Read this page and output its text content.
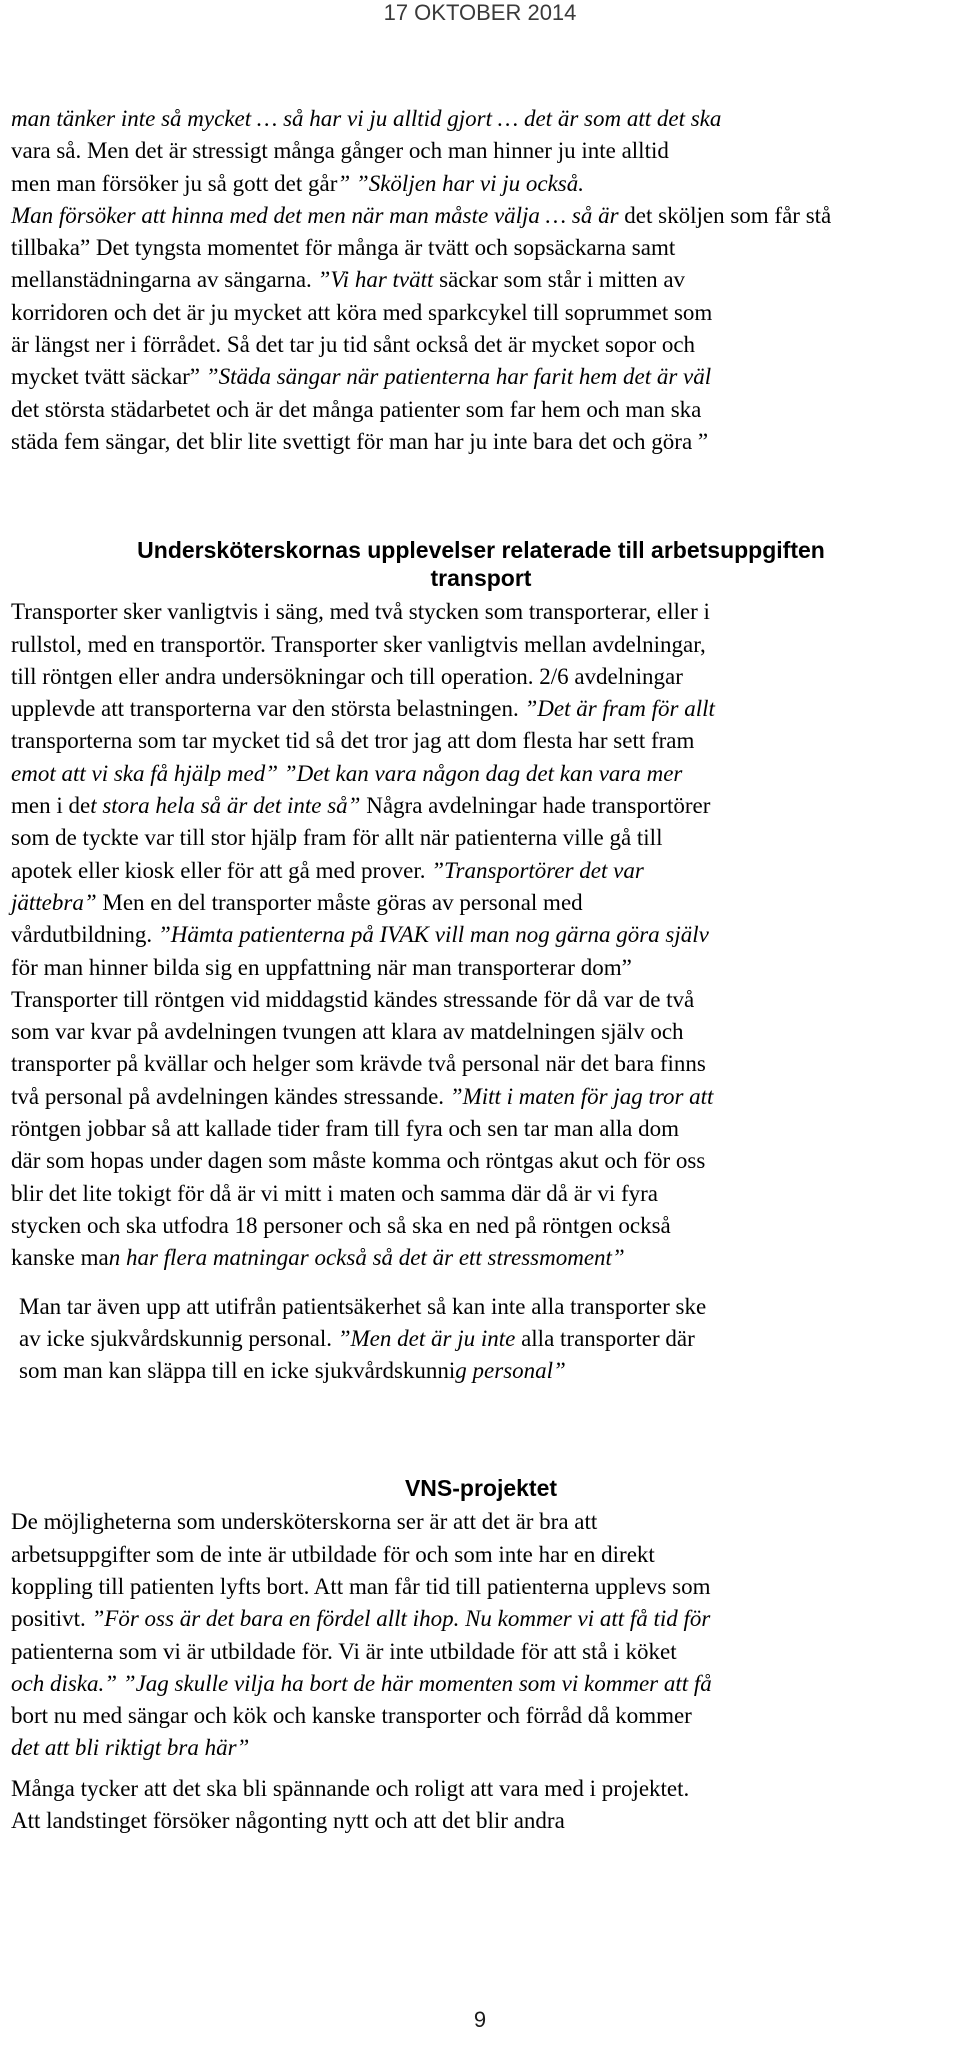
17 OKTOBER 2014

man tänker inte så mycket … så har vi ju alltid gjort … det är som att det ska

vara så. Men det är stressigt många gånger och man hinner ju inte alltid

men man försöker ju så gott det går” ”Sköljen har vi ju också.

Man försöker att hinna med det men när man måste välja … så är det sköljen som får stå

tillbaka” Det tyngsta momentet för många är tvätt och sopsäckarna samt

mellanstädningarna av sängarna. ”Vi har tvätt säckar som står i mitten av

korridoren och det är ju mycket att köra med sparkcykel till soprummet som

är längst ner i förrådet. Så det tar ju tid sånt också det är mycket sopor och

mycket tvätt säckar” ”Städa sängar när patienterna har farit hem det är väl

det största städarbetet och är det många patienter som far hem och man ska

städa fem sängar, det blir lite svettigt för man har ju inte bara det och göra ”

Undersköterskornas upplevelser relaterade till arbetsuppgiften
transport

Transporter sker vanligtvis i säng, med två stycken som transporterar, eller i

rullstol, med en transportör. Transporter sker vanligtvis mellan avdelningar,

till röntgen eller andra undersökningar och till operation. 2/6 avdelningar

upplevde att transporterna var den största belastningen. ”Det är fram för allt

transporterna som tar mycket tid så det tror jag att dom flesta har sett fram

emot att vi ska få hjälp med” ”Det kan vara någon dag det kan vara mer

men i det stora hela så är det inte så” Några avdelningar hade transportörer

som de tyckte var till stor hjälp fram för allt när patienterna ville gå till

apotek eller kiosk eller för att gå med prover. ”Transportörer det var

jättebra” Men en del transporter måste göras av personal med

vårdutbildning. ”Hämta patienterna på IVAK vill man nog gärna göra själv

för man hinner bilda sig en uppfattning när man transporterar dom”

Transporter till röntgen vid middagstid kändes stressande för då var de två

som var kvar på avdelningen tvungen att klara av matdelningen själv och

transporter på kvällar och helger som krävde två personal när det bara finns

två personal på avdelningen kändes stressande. ”Mitt i maten för jag tror att

röntgen jobbar så att kallade tider fram till fyra och sen tar man alla dom

där som hopas under dagen som måste komma och röntgas akut och för oss

blir det lite tokigt för då är vi mitt i maten och samma där då är vi fyra

stycken och ska utfodra 18 personer och så ska en ned på röntgen också

kanske man har flera matningar också så det är ett stressmoment”

Man tar även upp att utifrån patientsäkerhet så kan inte alla transporter ske

av icke sjukvårdskunnig personal. ”Men det är ju inte alla transporter där

som man kan släppa till en icke sjukvårdskunnig personal”

VNS-projektet

De möjligheterna som undersköterskorna ser är att det är bra att

arbetsuppgifter som de inte är utbildade för och som inte har en direkt

koppling till patienten lyfts bort. Att man får tid till patienterna upplevs som

positivt. ”För oss är det bara en fördel allt ihop. Nu kommer vi att få tid för

patienterna som vi är utbildade för. Vi är inte utbildade för att stå i köket

och diska.” ”Jag skulle vilja ha bort de här momenten som vi kommer att få

bort nu med sängar och kök och kanske transporter och förråd då kommer

det att bli riktigt bra här”

Många tycker att det ska bli spännande och roligt att vara med i projektet.

Att landstinget försöker någonting nytt och att det blir andra

9
